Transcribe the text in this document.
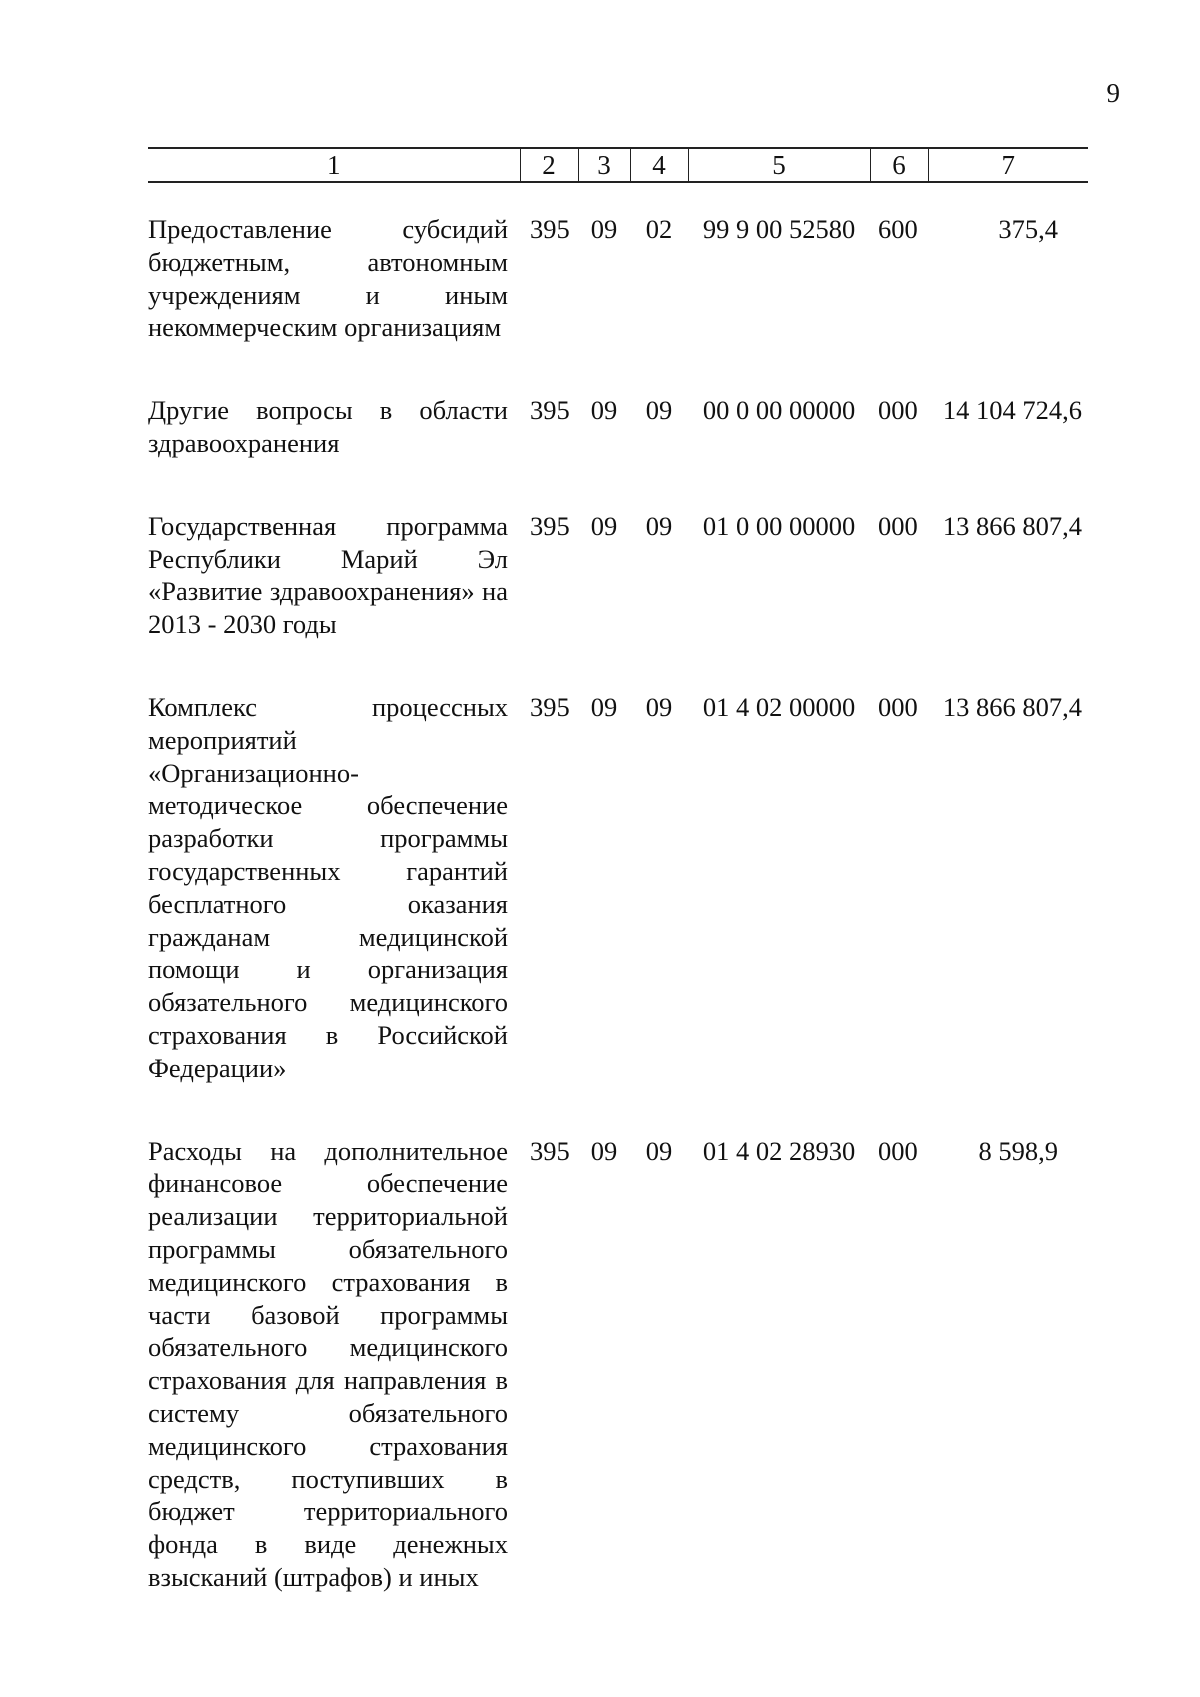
9
1	2	3	4	5	6	7

Предоставление субсидий бюджетным, автономным учреждениям и иным некоммерческим организациям	395	09	02	99 9 00 52580	600	375,4
Другие вопросы в области здравоохранения	395	09	09	00 0 00 00000	000	14 104 724,6
Государственная программа Республики Марий Эл «Развитие здравоохранения» на 2013 - 2030 годы	395	09	09	01 0 00 00000	000	13 866 807,4
Комплекс процессных мероприятий «Организационно-методическое обеспечение разработки программы государственных гарантий бесплатного оказания гражданам медицинской помощи и организация обязательного медицинского страхования в Российской Федерации»	395	09	09	01 4 02 00000	000	13 866 807,4
Расходы на дополнительное финансовое обеспечение реализации территориальной программы обязательного медицинского страхования в части базовой программы обязательного медицинского страхования для направления в систему обязательного медицинского страхования средств, поступивших в бюджет территориального фонда в виде денежных взысканий (штрафов) и иных	395	09	09	01 4 02 28930	000	8 598,9
